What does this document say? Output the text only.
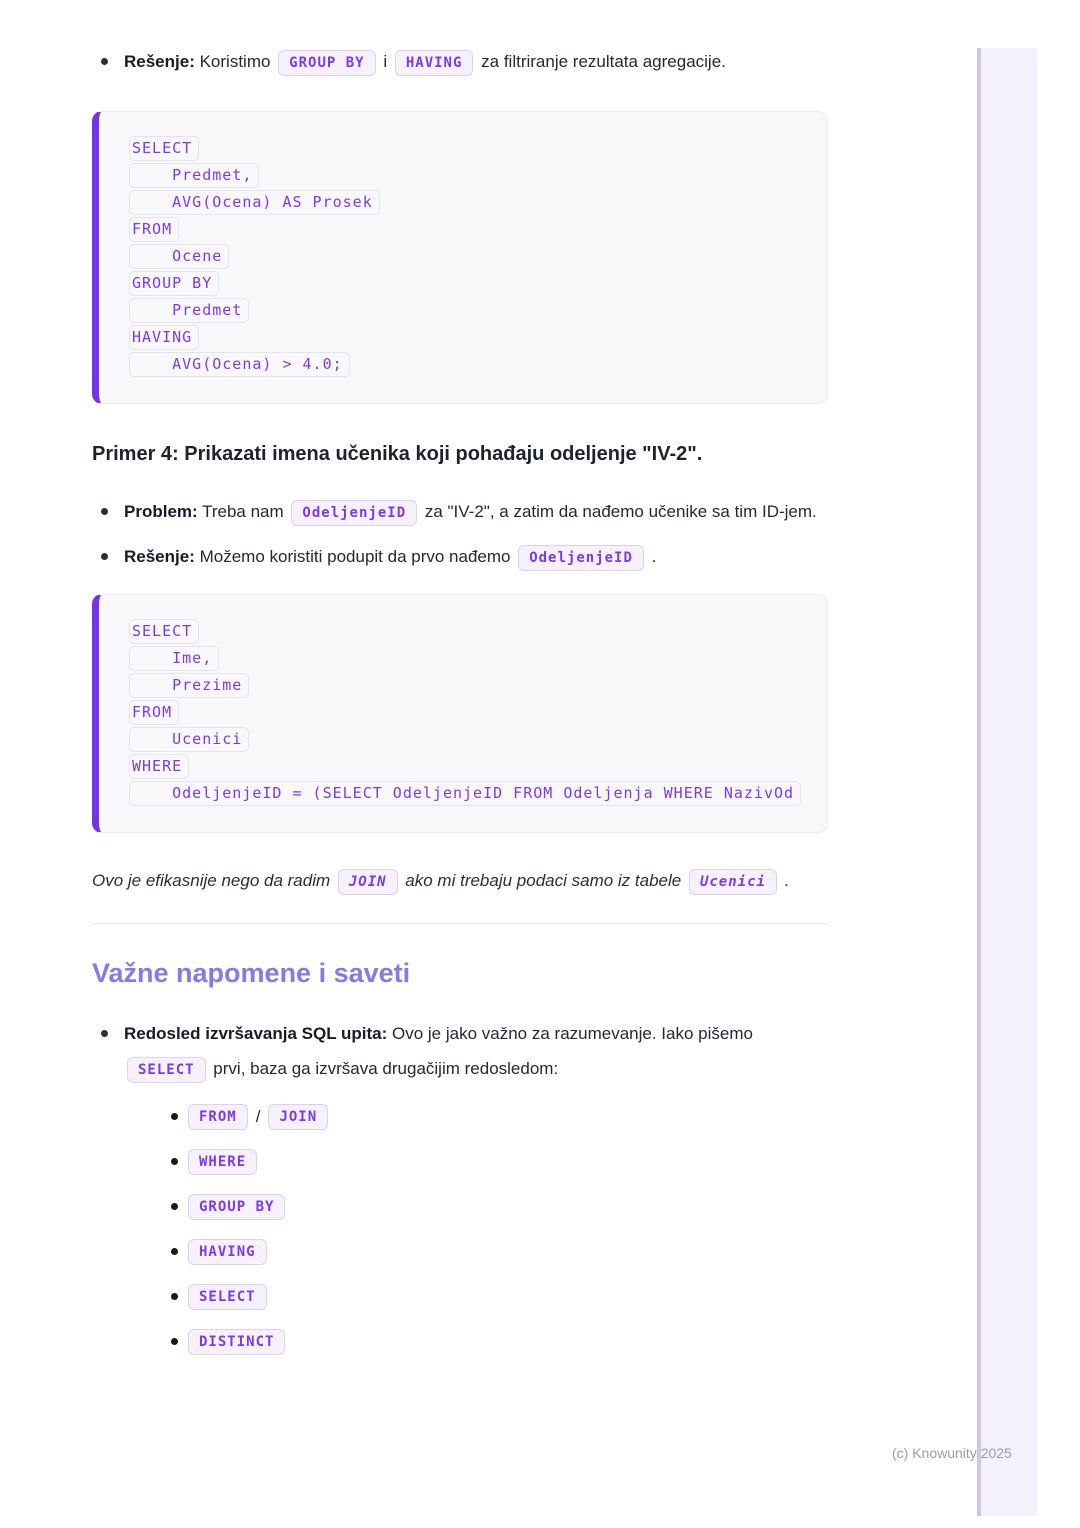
(c) Knowunity 2025
Rešenje: Koristimo GROUP BY i HAVING za filtriranje rezultata agregacije.
SELECT
Predmet,
AVG(Ocena) AS Prosek
FROM
Ocene
GROUP BY
Predmet
HAVING
AVG(Ocena) > 4.0;
Primer 4: Prikazati imena učenika koji pohađaju odeljenje "IV-2".
Problem: Treba nam OdeljenjeID za "IV-2", a zatim da nađemo učenike sa tim ID-jem.
Rešenje: Možemo koristiti podupit da prvo nađemo OdeljenjeID .
SELECT
Ime,
Prezime
FROM
Ucenici
WHERE
OdeljenjeID = (SELECT OdeljenjeID FROM Odeljenja WHERE NazivOd

Ovo je efikasnije nego da radim JOIN ako mi trebaju podaci samo iz tabele Ucenici .

Važne napomene i saveti
Redosled izvršavanja SQL upita: Ovo je jako važno za razumevanje. Iako pišemo SELECT prvi, baza ga izvršava drugačijim redosledom:
FROM	/	JOIN
WHERE
GROUP BY
HAVING
SELECT
DISTINCT
